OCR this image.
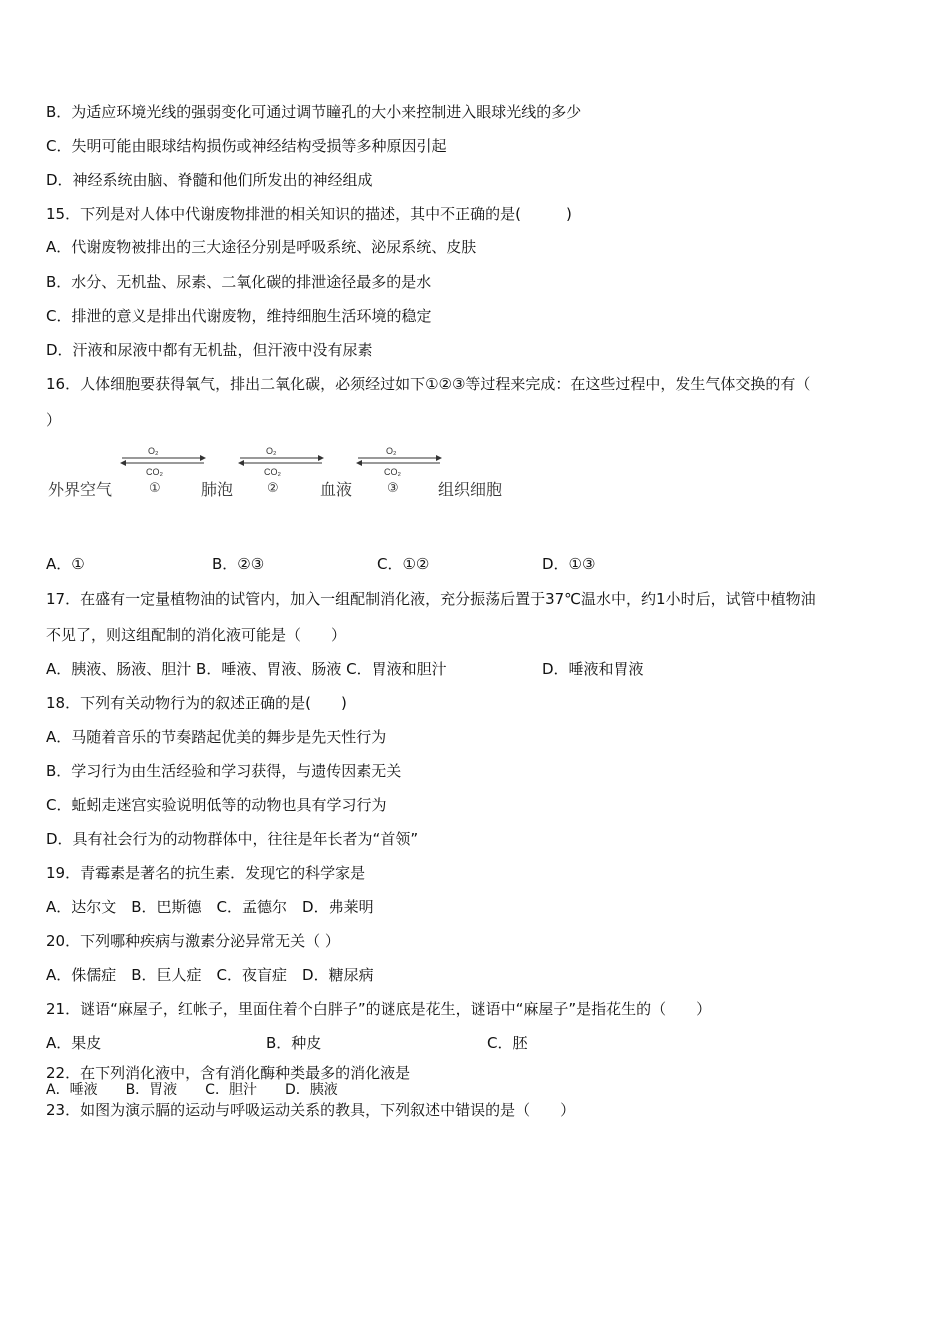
B．为适应环境光线的强弱变化可通过调节瞳孔的大小来控制进入眼球光线的多少
C．失明可能由眼球结构损伤或神经结构受损等多种原因引起
D．神经系统由脑、脊髓和他们所发出的神经组成
15．下列是对人体中代谢废物排泄的相关知识的描述，其中不正确的是(　　　)
A．代谢废物被排出的三大途径分别是呼吸系统、泌尿系统、皮肤
B．水分、无机盐、尿素、二氧化碳的排泄途径最多的是水
C．排泄的意义是排出代谢废物，维持细胞生活环境的稳定
D．汗液和尿液中都有无机盐，但汗液中没有尿素
16．人体细胞要获得氧气，排出二氧化碳，必须经过如下①②③等过程来完成：在这些过程中，发生气体交换的有（
）
外界空气	肺泡	血液	组织细胞
O₂
CO₂
①
O₂
CO₂
②
O₂
CO₂
③
A．①	B．②③	C．①②	D．①③
17．在盛有一定量植物油的试管内，加入一组配制消化液，充分振荡后置于37℃温水中，约1小时后，试管中植物油
不见了，则这组配制的消化液可能是（　　）
A．胰液、肠液、胆汁 B．唾液、胃液、肠液 C．胃液和胆汁	D．唾液和胃液
18．下列有关动物行为的叙述正确的是(　　)
A．马随着音乐的节奏踏起优美的舞步是先天性行为
B．学习行为由生活经验和学习获得，与遗传因素无关
C．蚯蚓走迷宫实验说明低等的动物也具有学习行为
D．具有社会行为的动物群体中，往往是年长者为“首领”
19．青霉素是著名的抗生素．发现它的科学家是
A．达尔文　B．巴斯德　C．孟德尔　D．弗莱明
20．下列哪种疾病与激素分泌异常无关（ ）
A．侏儒症　B．巨人症　C．夜盲症　D．糖尿病
21．谜语“麻屋子，红帐子，里面住着个白胖子”的谜底是花生，谜语中“麻屋子”是指花生的（　　）
A．果皮	B．种皮	C．胚
22．在下列消化液中，含有消化酶种类最多的消化液是
A．唾液　　B．胃液　　C．胆汁　　D．胰液
23．如图为演示膈的运动与呼吸运动关系的教具，下列叙述中错误的是（　　）
